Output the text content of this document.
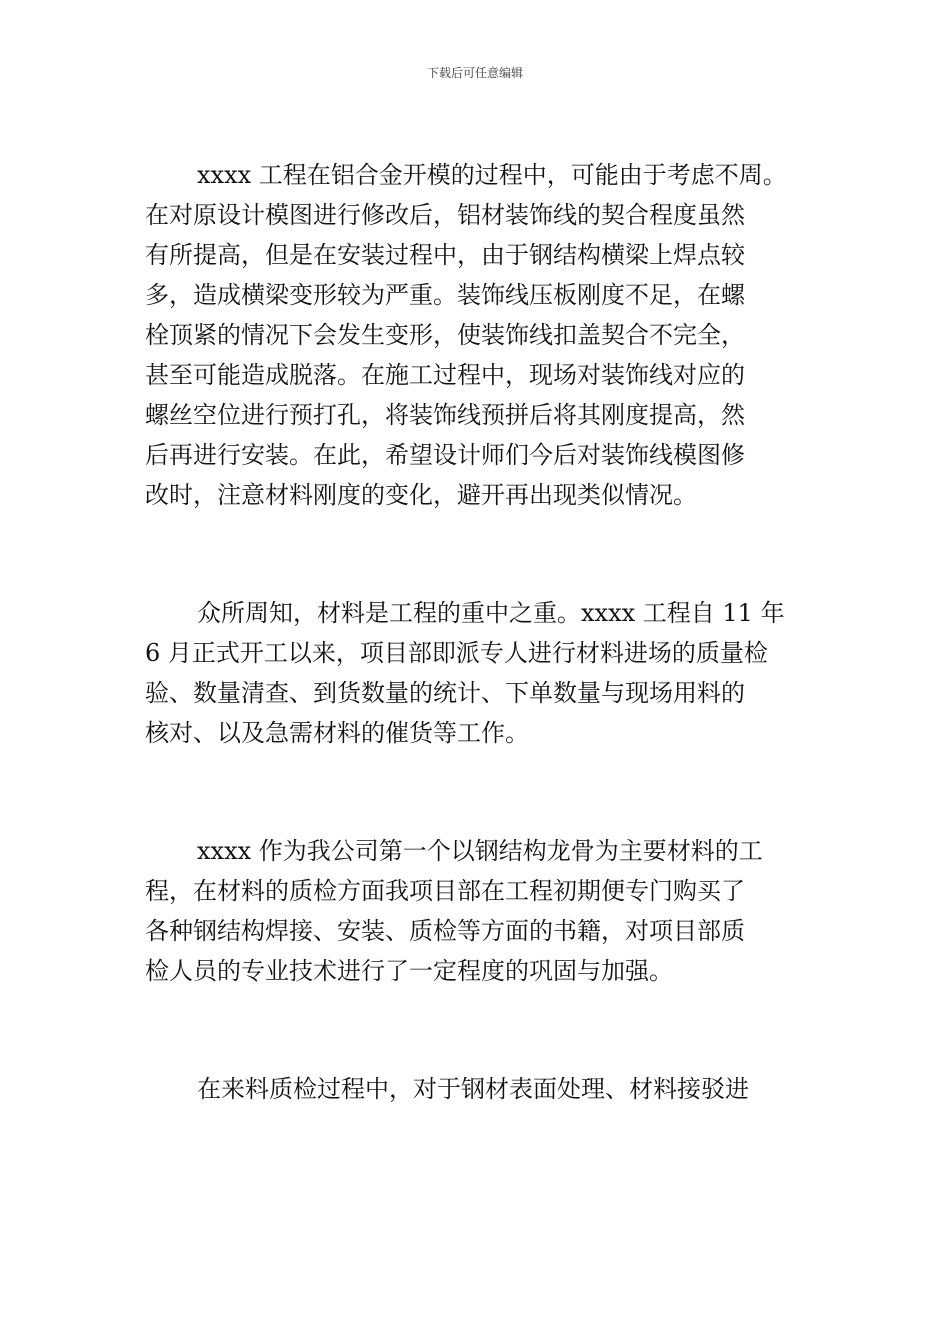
下载后可任意编辑
xxxx 工程在铝合金开模的过程中，可能由于考虑不周。
在对原设计模图进行修改后，铝材装饰线的契合程度虽然
有所提高，但是在安装过程中，由于钢结构横梁上焊点较
多，造成横梁变形较为严重。装饰线压板刚度不足，在螺
栓顶紧的情况下会发生变形，使装饰线扣盖契合不完全，
甚至可能造成脱落。在施工过程中，现场对装饰线对应的
螺丝空位进行预打孔，将装饰线预拼后将其刚度提高，然
后再进行安装。在此，希望设计师们今后对装饰线模图修
改时，注意材料刚度的变化，避开再出现类似情况。
众所周知，材料是工程的重中之重。xxxx 工程自 11 年
6 月正式开工以来，项目部即派专人进行材料进场的质量检
验、数量清查、到货数量的统计、下单数量与现场用料的
核对、以及急需材料的催货等工作。
xxxx 作为我公司第一个以钢结构龙骨为主要材料的工
程，在材料的质检方面我项目部在工程初期便专门购买了
各种钢结构焊接、安装、质检等方面的书籍，对项目部质
检人员的专业技术进行了一定程度的巩固与加强。
在来料质检过程中，对于钢材表面处理、材料接驳进
